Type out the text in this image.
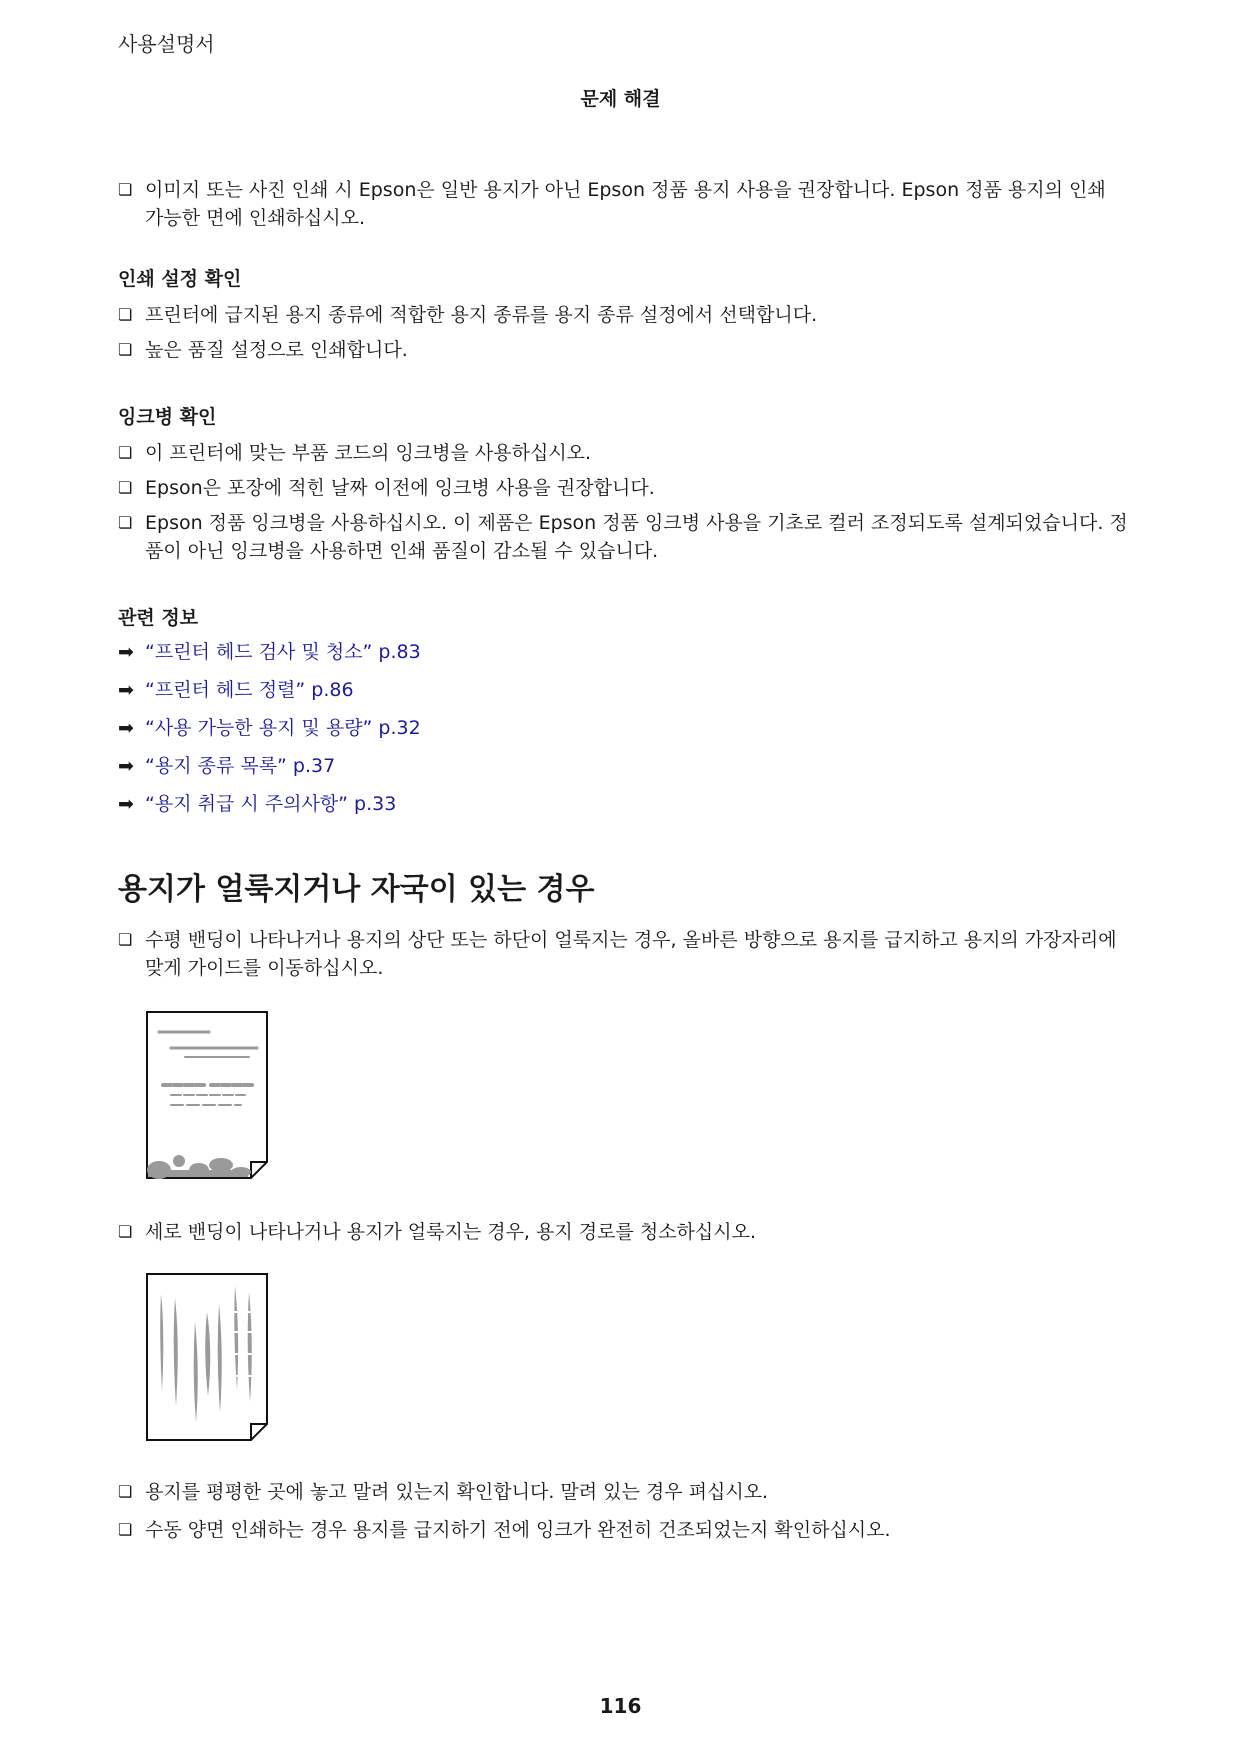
사용설명서
문제 해결

❏ 이미지 또는 사진 인쇄 시 Epson은 일반 용지가 아닌 Epson 정품 용지 사용을 권장합니다. Epson 정품 용지의 인쇄 가능한 면에 인쇄하십시오.

인쇄 설정 확인

❏ 프린터에 급지된 용지 종류에 적합한 용지 종류를 용지 종류 설정에서 선택합니다.

❏ 높은 품질 설정으로 인쇄합니다.

잉크병 확인

❏ 이 프린터에 맞는 부품 코드의 잉크병을 사용하십시오.

❏ Epson은 포장에 적힌 날짜 이전에 잉크병 사용을 권장합니다.

❏ Epson 정품 잉크병을 사용하십시오. 이 제품은 Epson 정품 잉크병 사용을 기초로 컬러 조정되도록 설계되었습니다. 정품이 아닌 잉크병을 사용하면 인쇄 품질이 감소될 수 있습니다.

관련 정보

➡ “프린터 헤드 검사 및 청소” p.83
➡ “프린터 헤드 정렬” p.86
➡ “사용 가능한 용지 및 용량” p.32
➡ “용지 종류 목록” p.37
➡ “용지 취급 시 주의사항” p.33

용지가 얼룩지거나 자국이 있는 경우

❏ 수평 밴딩이 나타나거나 용지의 상단 또는 하단이 얼룩지는 경우, 올바른 방향으로 용지를 급지하고 용지의 가장자리에 맞게 가이드를 이동하십시오.

❏ 세로 밴딩이 나타나거나 용지가 얼룩지는 경우, 용지 경로를 청소하십시오.

❏ 용지를 평평한 곳에 놓고 말려 있는지 확인합니다. 말려 있는 경우 펴십시오.

❏ 수동 양면 인쇄하는 경우 용지를 급지하기 전에 잉크가 완전히 건조되었는지 확인하십시오.

116
